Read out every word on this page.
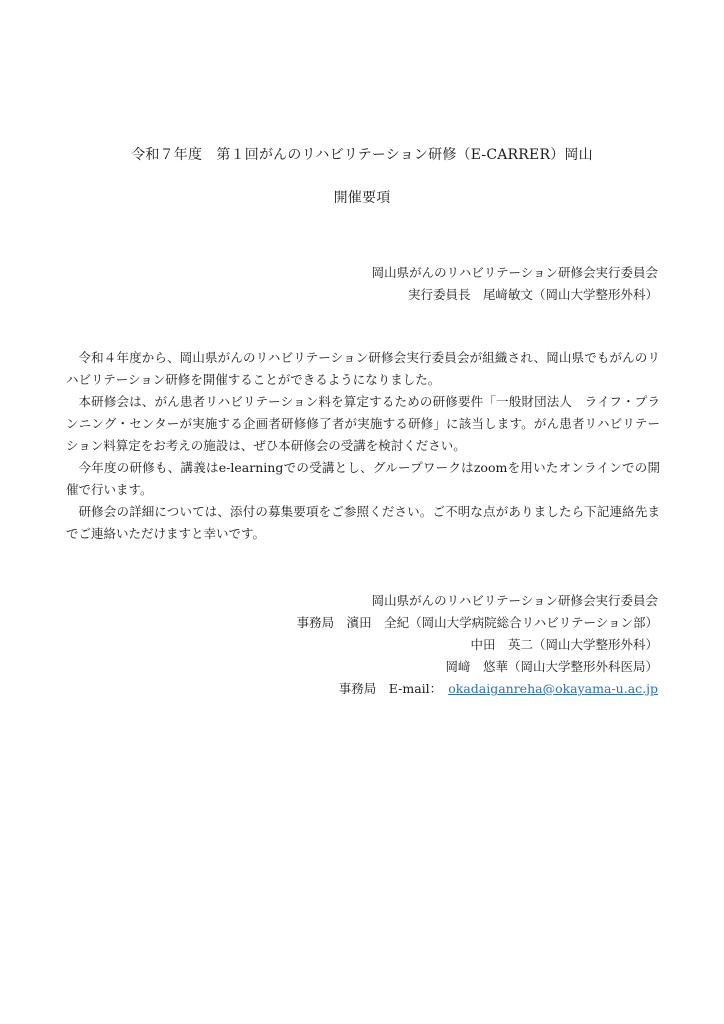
令和７年度　第１回がんのリハビリテーション研修（E-CARRER）岡山
開催要項
岡山県がんのリハビリテーション研修会実行委員会
実行委員長　尾﨑敏文（岡山大学整形外科）

令和４年度から、岡山県がんのリハビリテーション研修会実行委員会が組織され、岡山県でもがんのリハビリテーション研修を開催することができるようになりました。

本研修会は、がん患者リハビリテーション料を算定するための研修要件「一般財団法人　ライフ・プランニング・センターが実施する企画者研修修了者が実施する研修」に該当します。がん患者リハビリテーション料算定をお考えの施設は、ぜひ本研修会の受講を検討ください。

今年度の研修も、講義はe-learningでの受講とし、グループワークはzoomを用いたオンラインでの開催で行います。

研修会の詳細については、添付の募集要項をご参照ください。ご不明な点がありましたら下記連絡先までご連絡いただけますと幸いです。

岡山県がんのリハビリテーション研修会実行委員会
事務局　濱田　全紀（岡山大学病院総合リハビリテーション部）
中田　英二（岡山大学整形外科）
岡﨑　悠華（岡山大学整形外科医局）
事務局　E-mail： okadaiganreha@okayama-u.ac.jp
